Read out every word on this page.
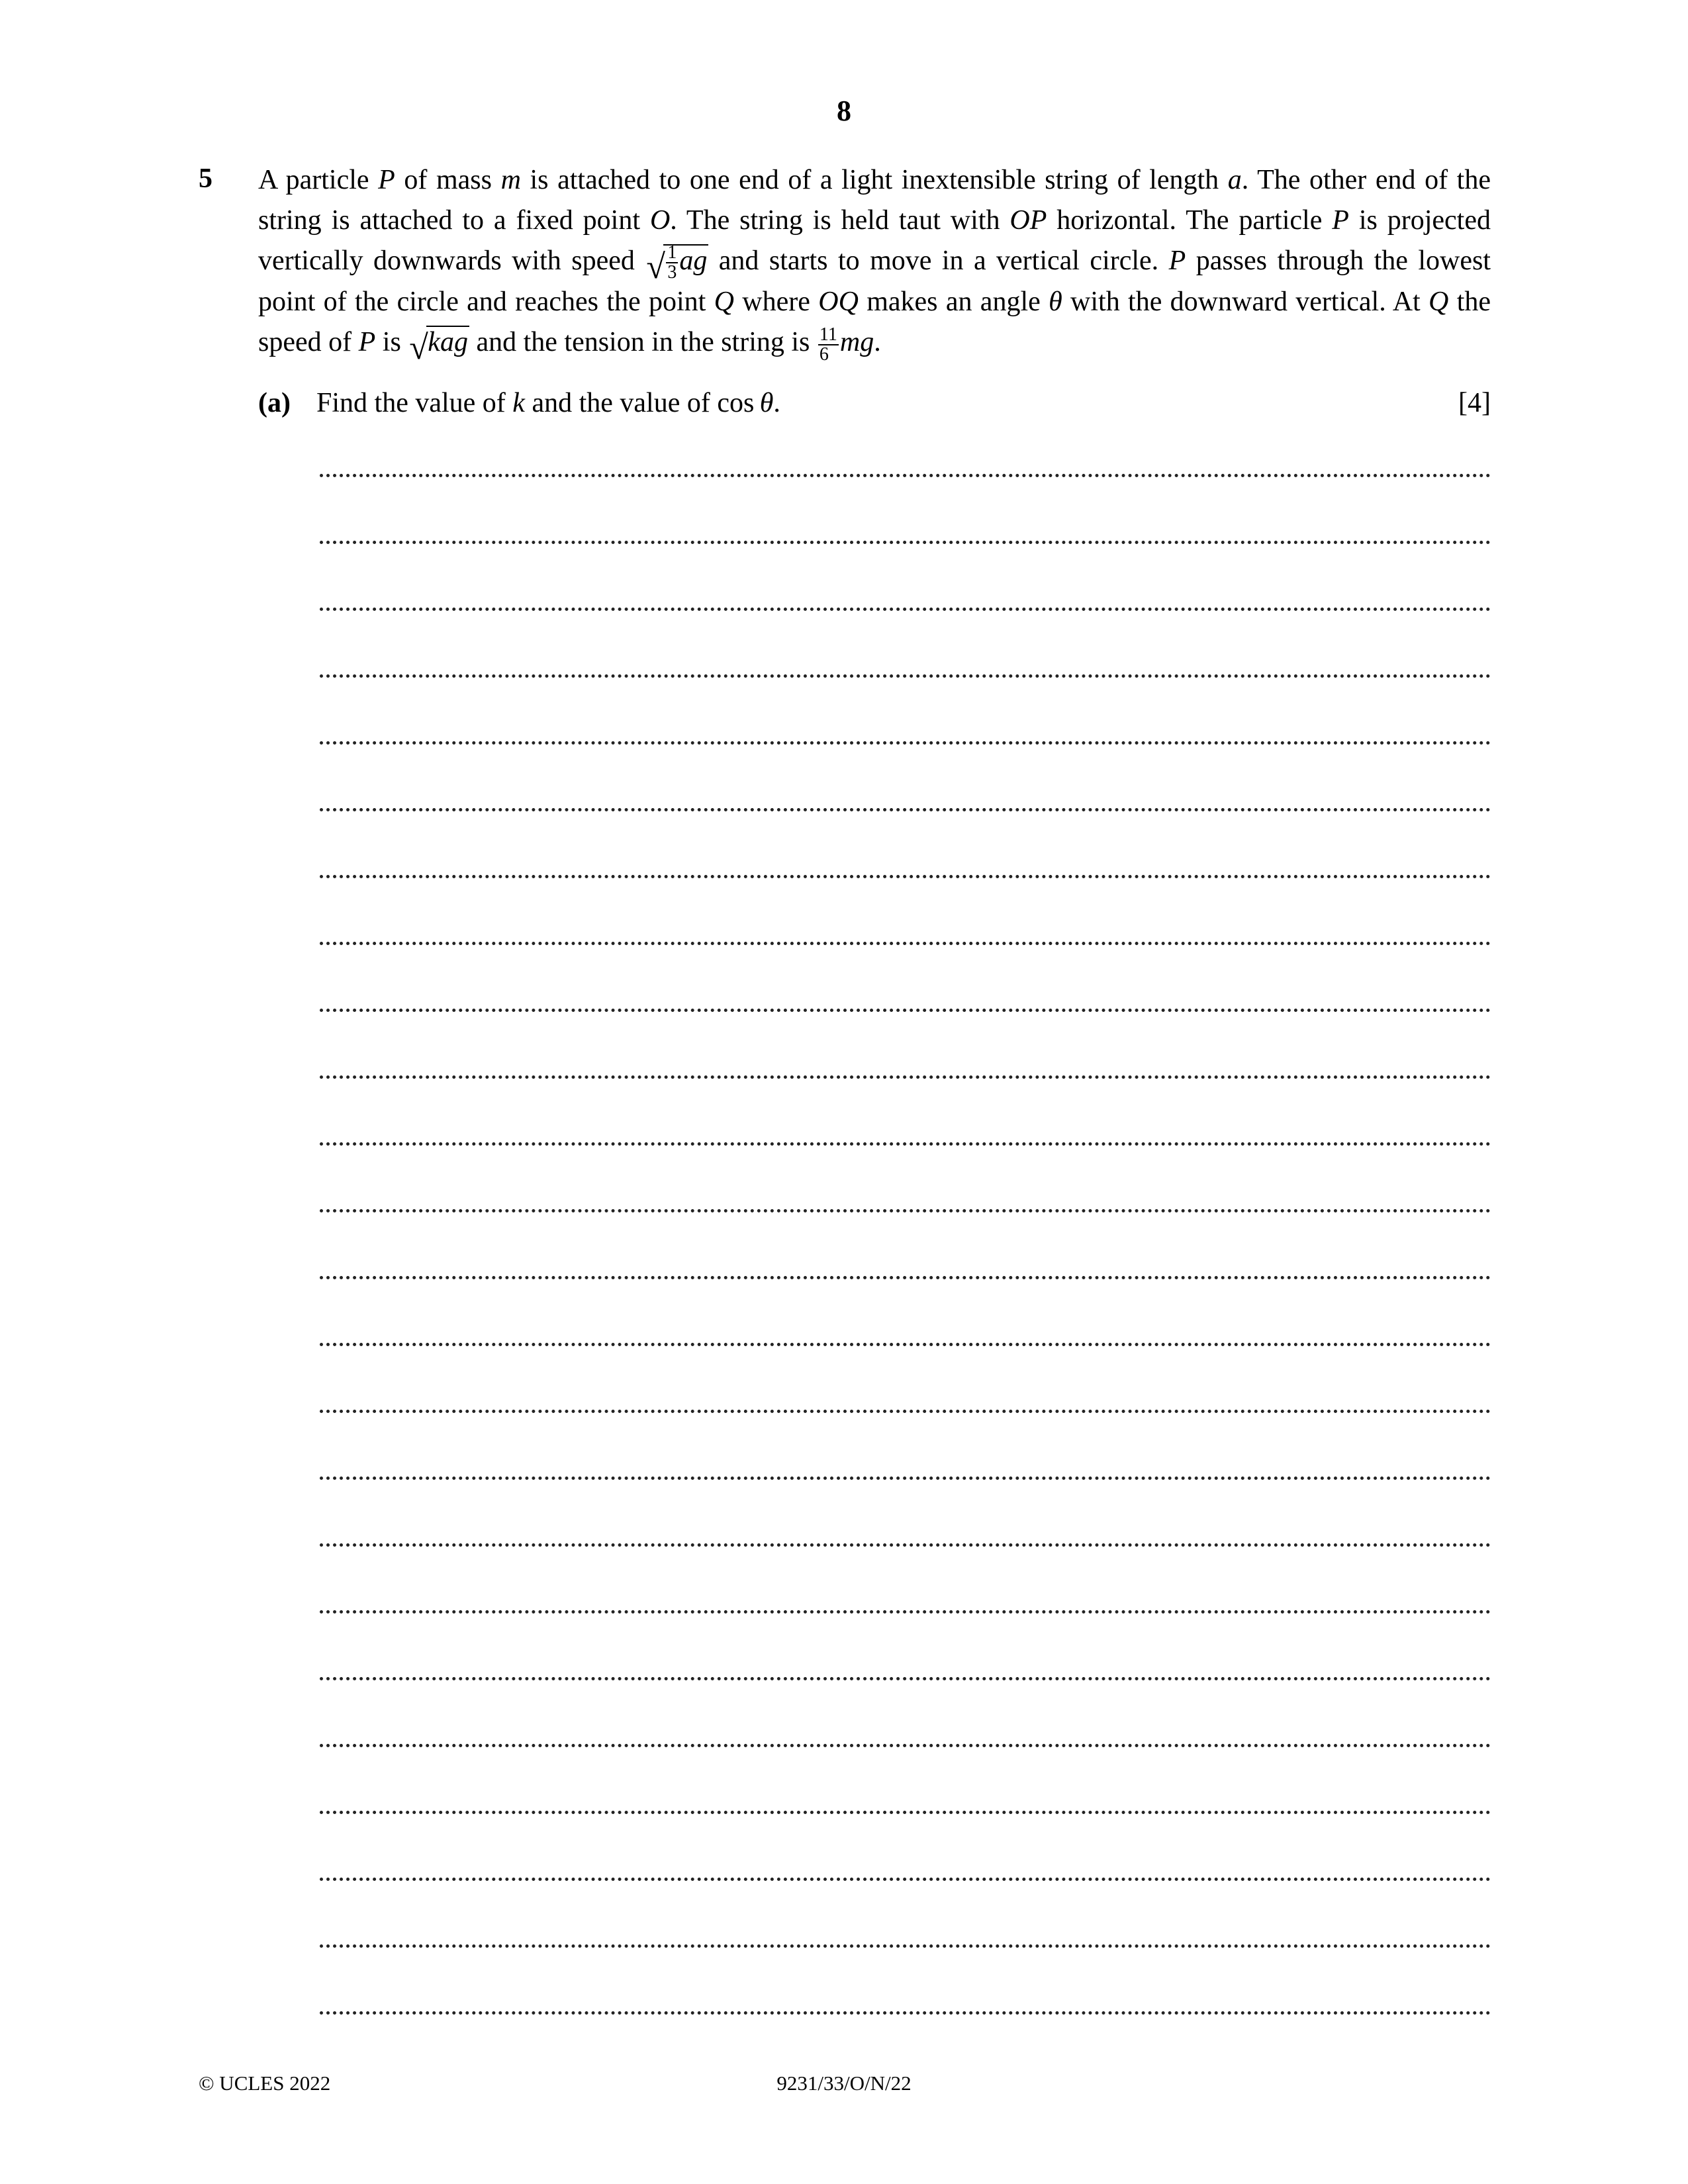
8
5 A particle P of mass m is attached to one end of a light inextensible string of length a. The other end of the string is attached to a fixed point O. The string is held taut with OP horizontal. The particle P is projected vertically downwards with speed √ $\frac{1}{3}$ ag and starts to move in a vertical circle. P passes through the lowest point of the circle and reaches the point Q where OQ makes an angle θ with the downward vertical. At Q the speed of P is √ kag and the tension in the string is $\frac{11}{6}$ mg.
(a) Find the value of k and the value of cos  θ.	[4]
© UCLES 2022	9231/33/O/N/22
